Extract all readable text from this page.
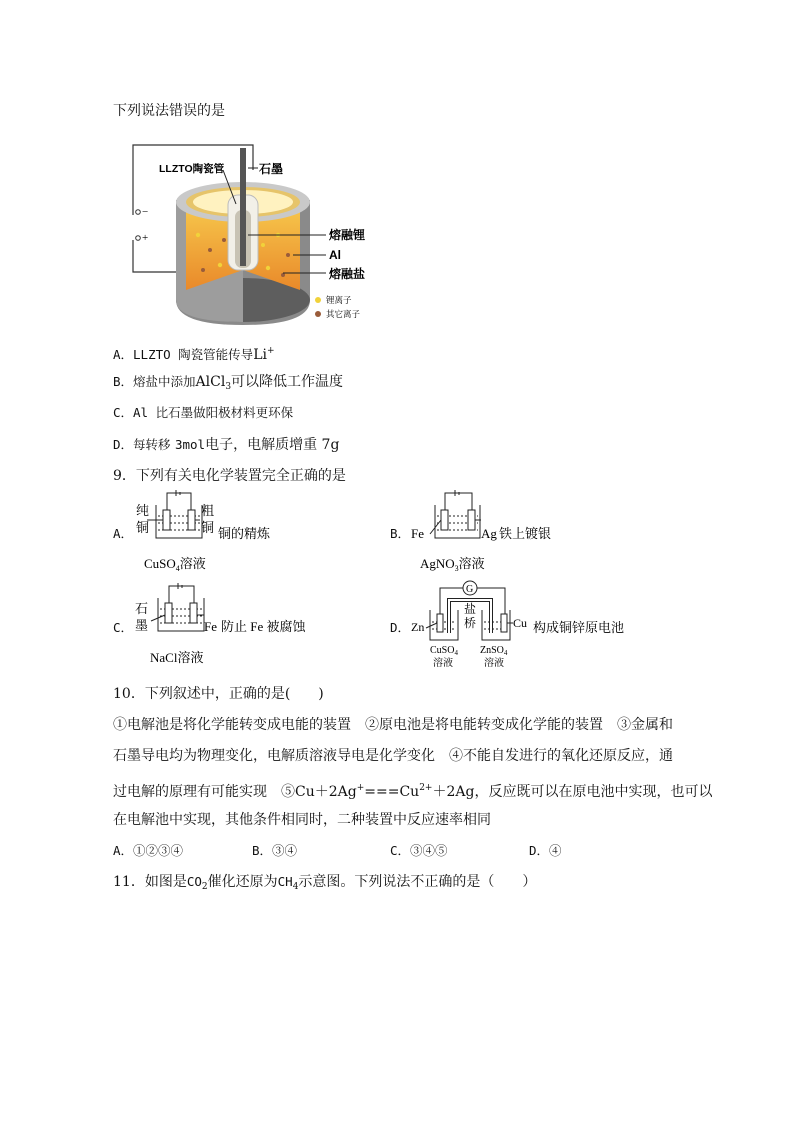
下列说法错误的是
−
+
LLZTO陶瓷管	石墨
熔融锂
Al
熔融盐
锂离子
其它离子
A．LLZTO 陶瓷管能传导Li+
B．熔盐中添加AlCl$_3$可以降低工作温度
C．Al 比石墨做阳极材料更环保
D．每转移 3mol电子，电解质增重 7g
9．下列有关电化学装置完全正确的是
A．
纯
铜
粗
铜 铜的精炼
CuSO$_4$溶液
B． Fe	Ag 铁上镀银
AgNO$_3$溶液
C．
石
墨	Fe 防止 Fe 被腐蚀
NaCl溶液
D． Zn
G
盐
桥	Cu 构成铜锌原电池
CuSO$_4$
溶液
ZnSO$_4$
溶液
10．下列叙述中，正确的是(　　)
①电解池是将化学能转变成电能的装置　②原电池是将电能转变成化学能的装置　③金属和
石墨导电均为物理变化，电解质溶液导电是化学变化　④不能自发进行的氧化还原反应，通
过电解的原理有可能实现　$⑤Cu+2Ag^+===Cu^{2+}+2Ag$，反应既可以在原电池中实现，也可以
在电解池中实现，其他条件相同时，二种装置中反应速率相同
A．①②③④	B．③④	C．③④⑤	D．④
11．如图是$CO_2$催化还原为$CH_4$示意图。下列说法不正确的是（　　）
